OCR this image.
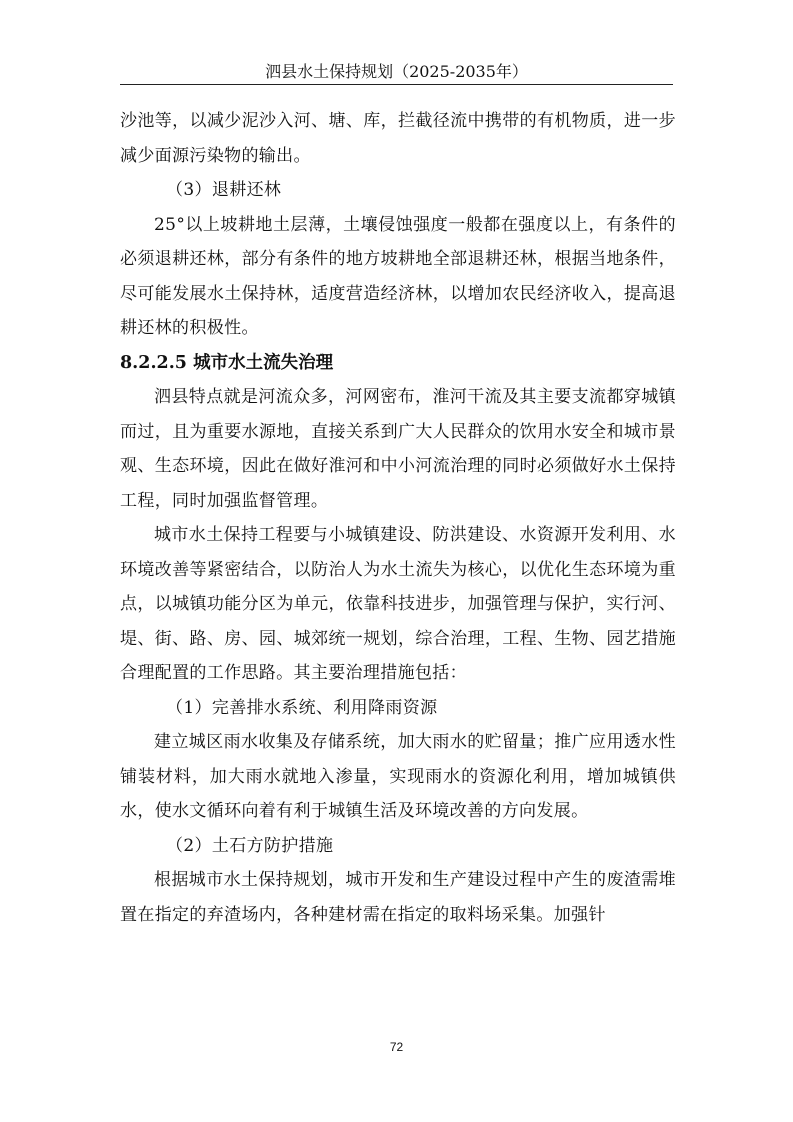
泗县水土保持规划（2025-2035年）

沙池等，以减少泥沙入河、塘、库，拦截径流中携带的有机物质，进一步减少面源污染物的输出。

（3）退耕还林

25°以上坡耕地土层薄，土壤侵蚀强度一般都在强度以上，有条件的必须退耕还林，部分有条件的地方坡耕地全部退耕还林，根据当地条件，尽可能发展水土保持林，适度营造经济林，以增加农民经济收入，提高退耕还林的积极性。

8.2.2.5 城市水土流失治理

泗县特点就是河流众多，河网密布，淮河干流及其主要支流都穿城镇而过，且为重要水源地，直接关系到广大人民群众的饮用水安全和城市景观、生态环境，因此在做好淮河和中小河流治理的同时必须做好水土保持工程，同时加强监督管理。

城市水土保持工程要与小城镇建设、防洪建设、水资源开发利用、水环境改善等紧密结合，以防治人为水土流失为核心，以优化生态环境为重点，以城镇功能分区为单元，依靠科技进步，加强管理与保护，实行河、堤、街、路、房、园、城郊统一规划，综合治理，工程、生物、园艺措施合理配置的工作思路。其主要治理措施包括：

（1）完善排水系统、利用降雨资源

建立城区雨水收集及存储系统，加大雨水的贮留量；推广应用透水性铺装材料，加大雨水就地入渗量，实现雨水的资源化利用，增加城镇供水，使水文循环向着有利于城镇生活及环境改善的方向发展。

（2）土石方防护措施

根据城市水土保持规划，城市开发和生产建设过程中产生的废渣需堆置在指定的弃渣场内，各种建材需在指定的取料场采集。加强针

72
